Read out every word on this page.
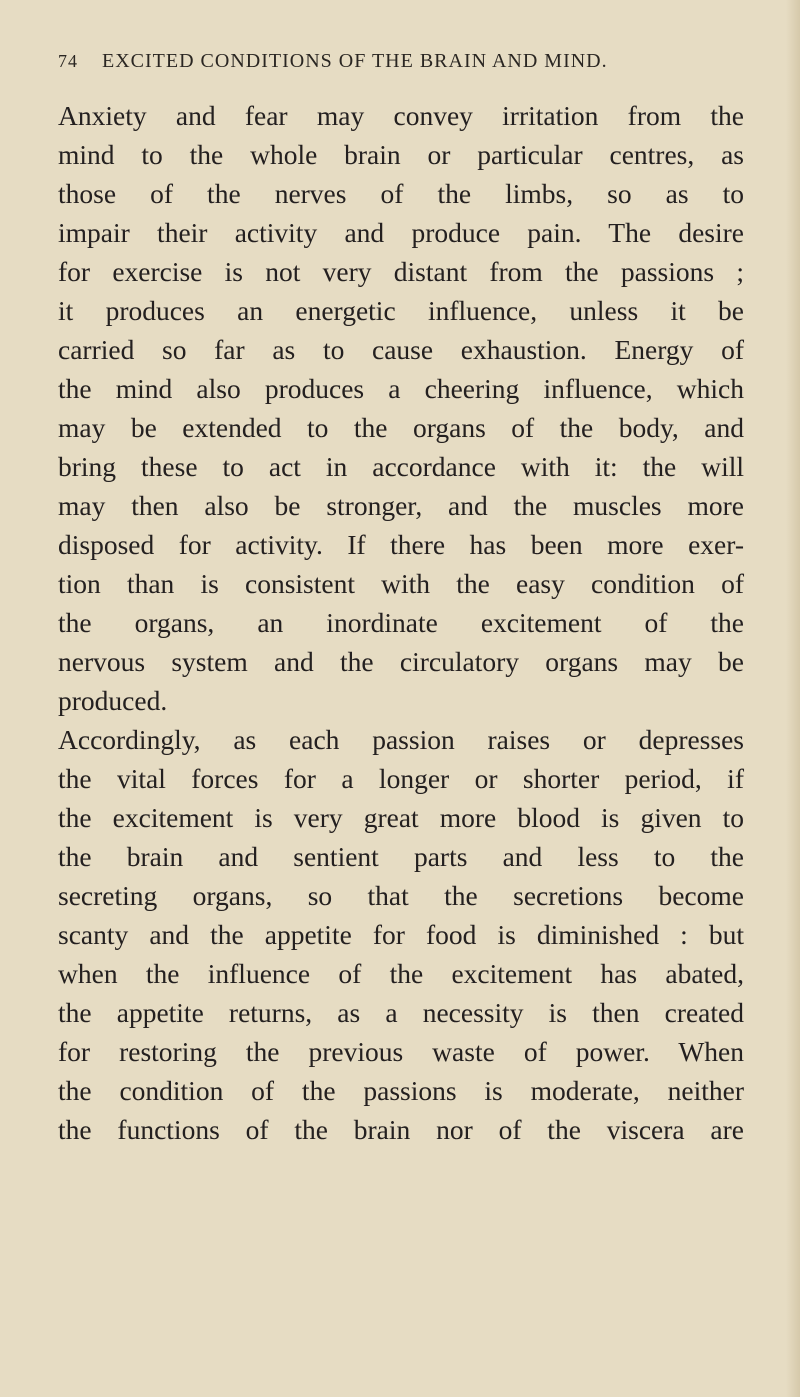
74 EXCITED CONDITIONS OF THE BRAIN AND MIND.
Anxiety and fear may convey irritation from the
mind to the whole brain or particular centres, as
those of the nerves of the limbs, so as to
impair their activity and produce pain. The desire
for exercise is not very distant from the passions ;
it produces an energetic influence, unless it be
carried so far as to cause exhaustion. Energy of
the mind also produces a cheering influence, which
may be extended to the organs of the body, and
bring these to act in accordance with it: the will
may then also be stronger, and the muscles more
disposed for activity. If there has been more exer-
tion than is consistent with the easy condition of
the organs, an inordinate excitement of the
nervous system and the circulatory organs may be
produced.
Accordingly, as each passion raises or depresses
the vital forces for a longer or shorter period, if
the excitement is very great more blood is given to
the brain and sentient parts and less to the
secreting organs, so that the secretions become
scanty and the appetite for food is diminished : but
when the influence of the excitement has abated,
the appetite returns, as a necessity is then created
for restoring the previous waste of power. When
the condition of the passions is moderate, neither
the functions of the brain nor of the viscera are
